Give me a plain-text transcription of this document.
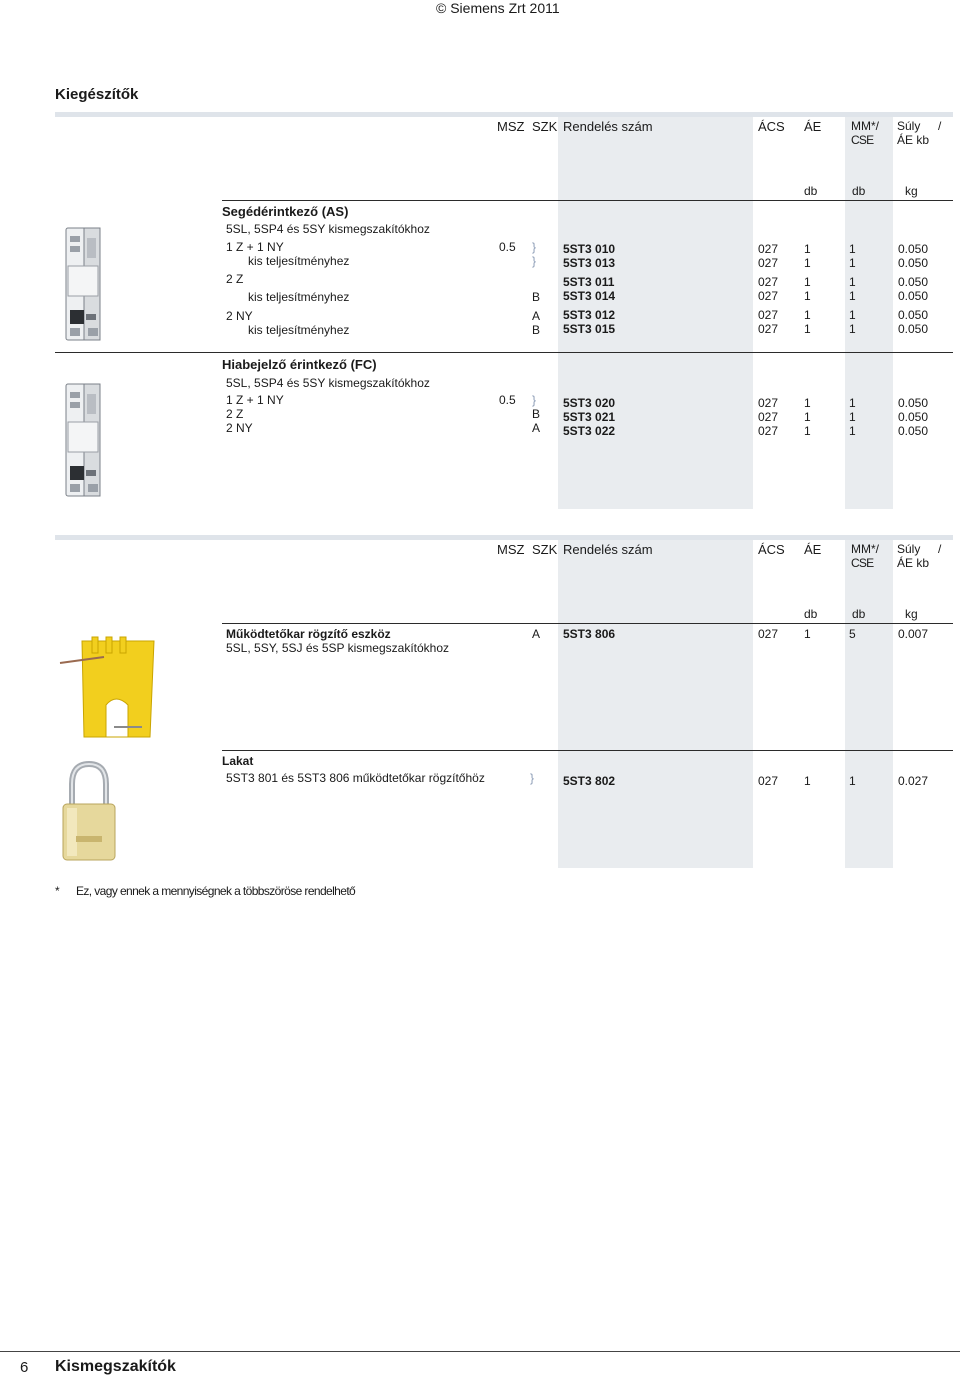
© Siemens Zrt 2011
Kiegészítők
MSZ SZK Rendelés szám	ÁCS ÁE MM*/
CSE
Súly /
ÁE kb
db	db	kg
Segédérintkező (AS)
5SL, 5SP4 és 5SY kismegszakítókhoz
1 Z + 1 NY	0.5 } 5ST3 010	027 1	1	0.050
kis teljesítményhez	} 5ST3 013	027 1	1	0.050
2 Z	5ST3 011	027 1	1	0.050
kis teljesítményhez	B 5ST3 014	027 1	1	0.050
2 NY	A 5ST3 012	027 1	1	0.050
kis teljesítményhez	B 5ST3 015	027 1	1	0.050
Hiabejelző érintkező (FC)
5SL, 5SP4 és 5SY kismegszakítókhoz
1 Z + 1 NY	0.5 } 5ST3 020	027 1	1	0.050
2 Z	B 5ST3 021	027 1	1	0.050
2 NY	A 5ST3 022	027 1	1	0.050
MSZ SZK Rendelés szám	ÁCS ÁE MM*/
CSE
Súly /
ÁE kb
db	db	kg
Működtetőkar rögzítő eszköz
5SL, 5SY, 5SJ és 5SP kismegszakítókhoz
A 5ST3 806	027 1	5	0.007
Lakat
5ST3 801 és 5ST3 806 működtetőkar rögzítőhöz	} 5ST3 802	027 1	1	0.027
* Ez, vagy ennek a mennyiségnek a többszöröse rendelhető
6 Kismegszakítók
